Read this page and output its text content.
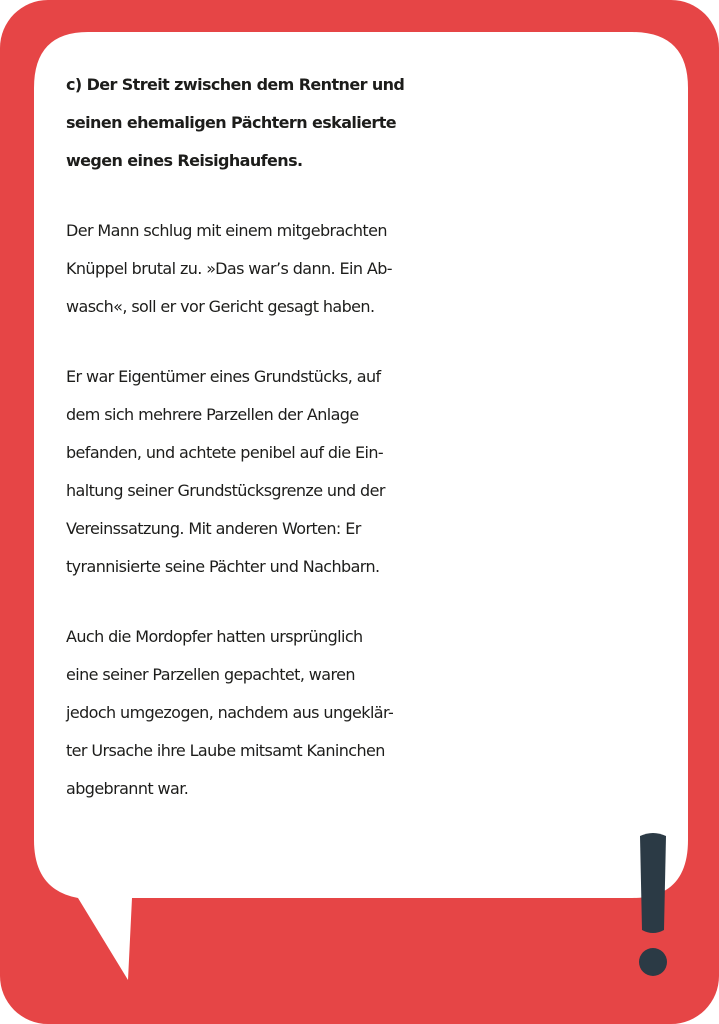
c) Der Streit zwischen dem Rentner und
seinen ehemaligen Pächtern eskalierte
wegen eines Reisighaufens.
Der Mann schlug mit einem mitgebrachten
Knüppel brutal zu. »Das war’s dann. Ein Ab-
wasch«, soll er vor Gericht gesagt haben.
Er war Eigentümer eines Grundstücks, auf
dem sich mehrere Parzellen der Anlage
befanden, und achtete penibel auf die Ein-
haltung seiner Grundstücksgrenze und der
Vereinssatzung. Mit anderen Worten: Er
tyrannisierte seine Pächter und Nachbarn.
Auch die Mordopfer hatten ursprünglich
eine seiner Parzellen gepachtet, waren
jedoch umgezogen, nachdem aus ungeklär-
ter Ursache ihre Laube mitsamt Kaninchen
abgebrannt war.
